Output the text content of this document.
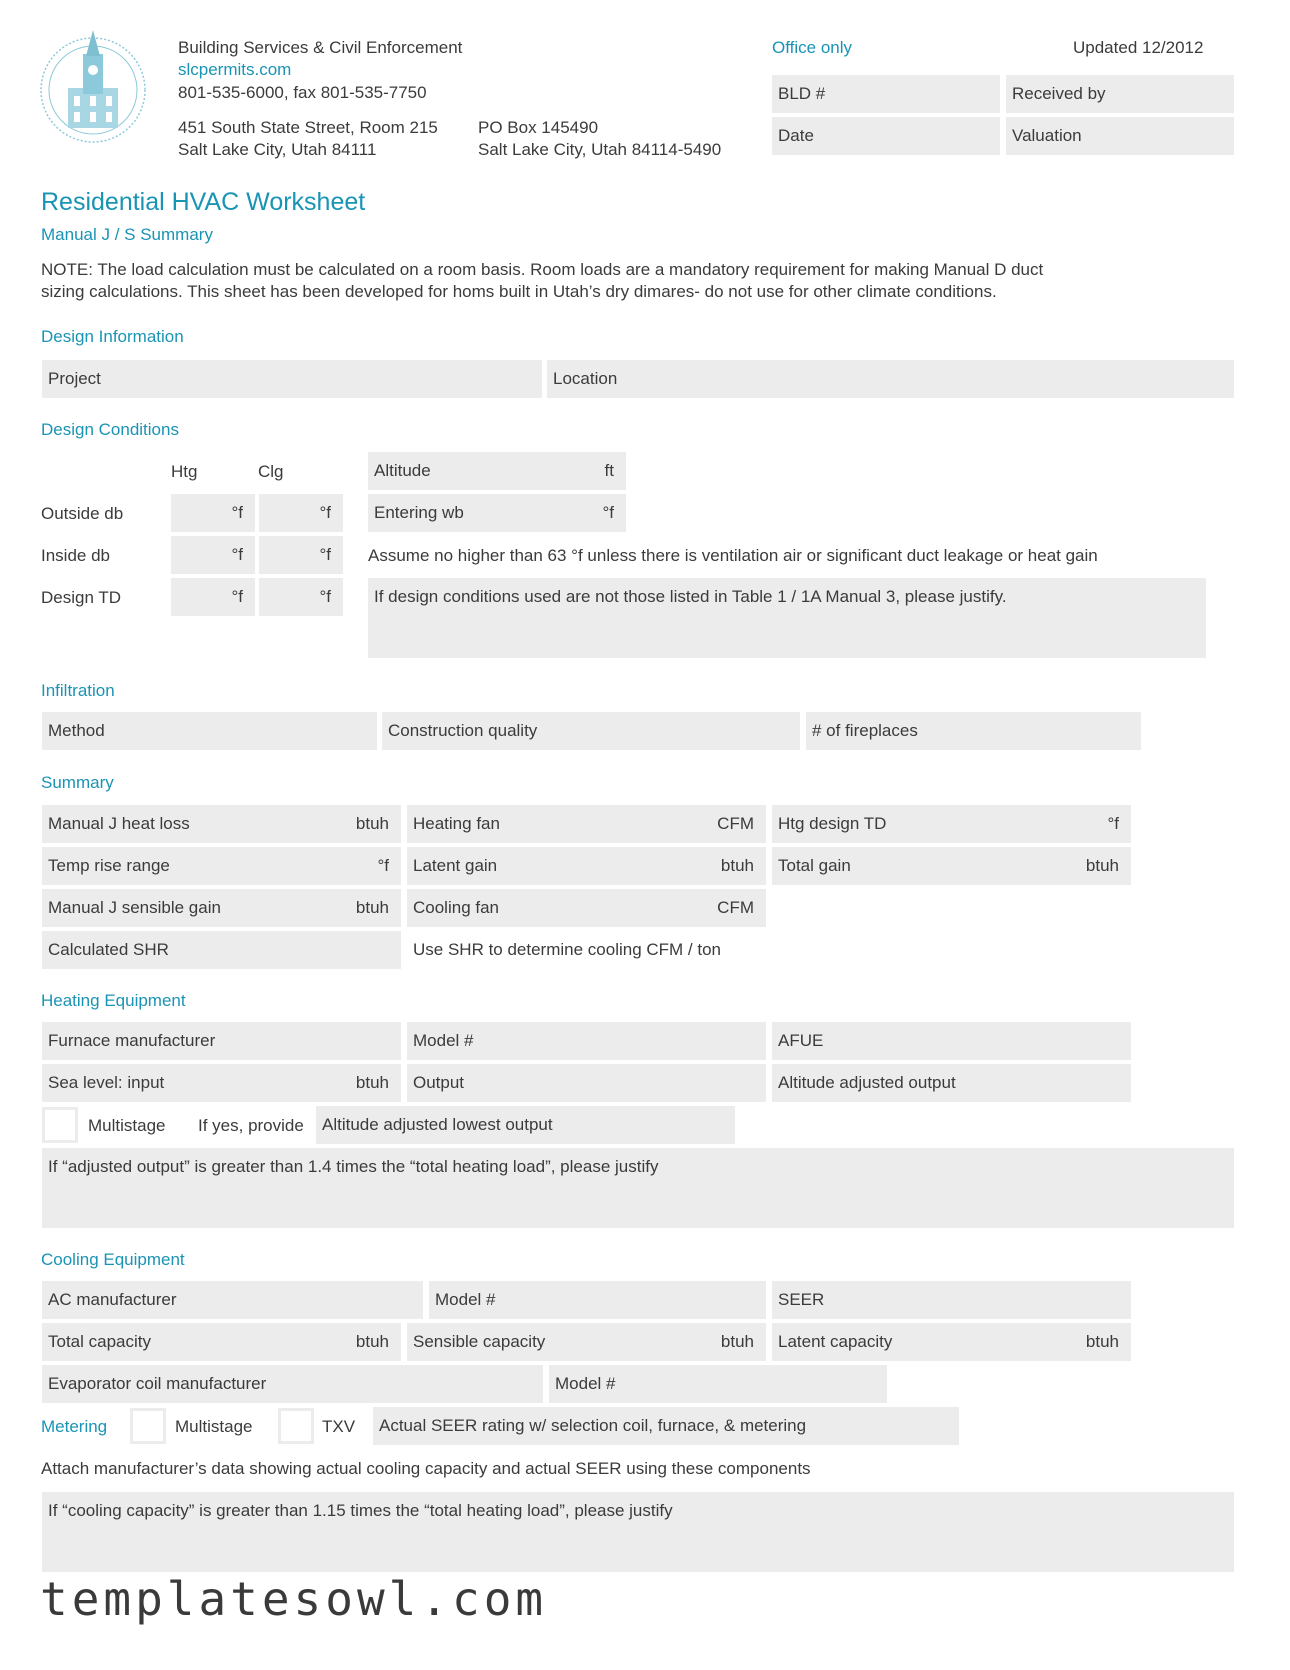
Building Services & Civil Enforcement
slcpermits.com
801-535-6000, fax 801-535-7750
451 South State Street, Room 215
Salt Lake City, Utah 84111
PO Box 145490
Salt Lake City, Utah 84114-5490
Office only	Updated 12/2012
BLD #	Received by
Date	Valuation
Residential HVAC Worksheet
Manual J / S Summary
NOTE: The load calculation must be calculated on a room basis. Room loads are a mandatory requirement for making Manual D duct
sizing calculations. This sheet has been developed for homs built in Utah’s dry dimares- do not use for other climate conditions.
Design Information
Project	Location
Design Conditions
Htg	Clg
Outside db	°f	°f
Inside db	°f	°f
Design TD	°f	°f
Altitude	ft
Entering wb	°f
Assume no higher than 63 °f unless there is ventilation air or significant duct leakage or heat gain
If design conditions used are not those listed in Table 1 / 1A Manual 3, please justify.
Infiltration
Method	Construction quality	# of fireplaces
Summary
Manual J heat loss	btuh	Heating fan	CFM	Htg design TD	°f
Temp rise range	°f	Latent gain	btuh	Total gain	btuh
Manual J sensible gain	btuh	Cooling fan	CFM
Calculated SHR	Use SHR to determine cooling CFM / ton
Heating Equipment
Furnace manufacturer	Model #	AFUE
Sea level: input	btuh	Output	Altitude adjusted output
Multistage If yes, provide Altitude adjusted lowest output
If “adjusted output” is greater than 1.4 times the “total heating load”, please justify
Cooling Equipment
AC manufacturer	Model #	SEER
Total capacity	btuh	Sensible capacity	btuh	Latent capacity	btuh
Evaporator coil manufacturer	Model #
Metering	Multistage	TXV Actual SEER rating w/ selection coil, furnace, & metering
Attach manufacturer’s data showing actual cooling capacity and actual SEER using these components
If “cooling capacity” is greater than 1.15 times the “total heating load”, please justify
templatesowl.com
